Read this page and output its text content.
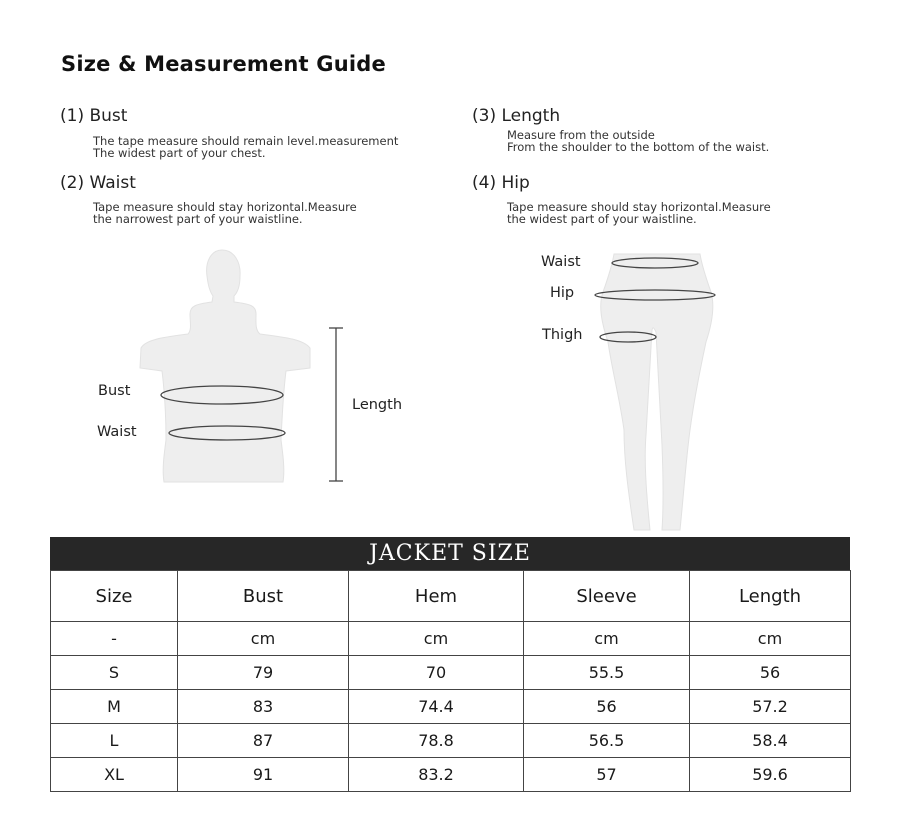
Size & Measurement Guide
(1) Bust
The tape measure should remain level.measurement
The widest part of your chest.
(3) Length
Measure from the outside
From the shoulder to the bottom of the waist.
(2) Waist
Tape measure should stay horizontal.Measure
the narrowest part of your waistline.
(4) Hip
Tape measure should stay horizontal.Measure
the widest part of your waistline.
Bust
Waist
Length
Waist
Hip
Thigh
JACKET SIZE
Size	Bust	Hem	Sleeve	Length
-	cm	cm	cm	cm
S	79	70	55.5	56
M	83	74.4	56	57.2
L	87	78.8	56.5	58.4
XL	91	83.2	57	59.6
